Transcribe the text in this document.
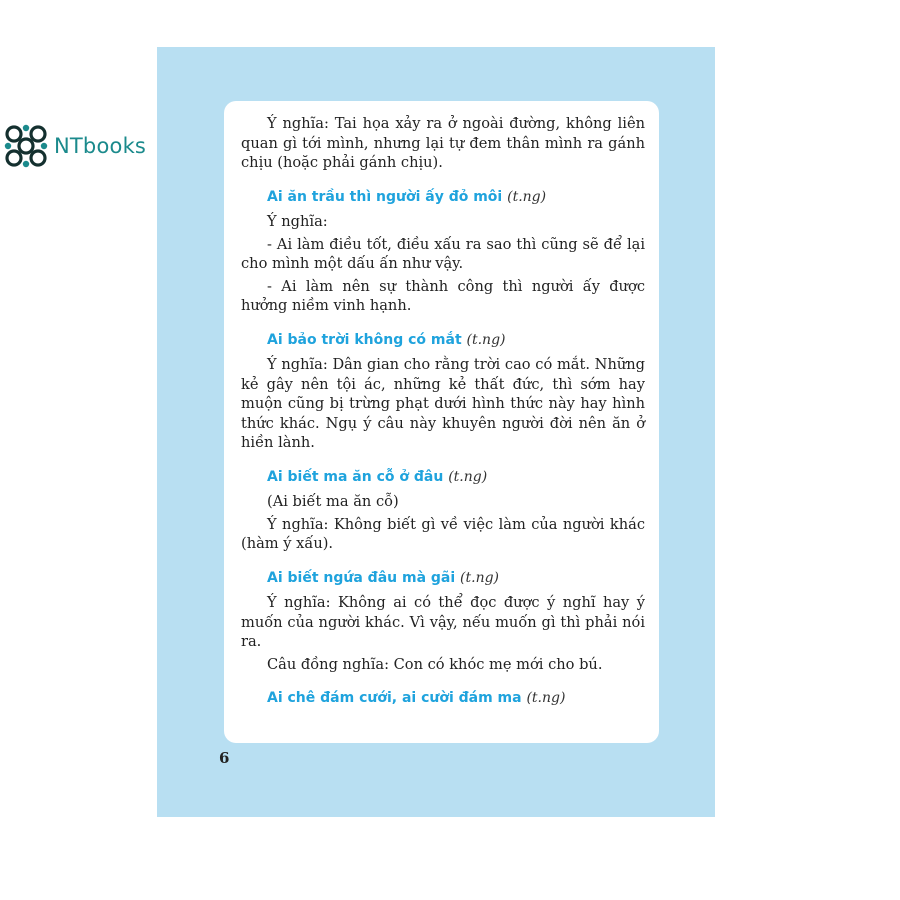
NTbooks

Ý nghĩa: Tai họa xảy ra ở ngoài đường, không liên quan gì tới mình, nhưng lại tự đem thân mình ra gánh chịu (hoặc phải gánh chịu).

Ai ăn trầu thì người ấy đỏ môi (t.ng)

Ý nghĩa:

- Ai làm điều tốt, điều xấu ra sao thì cũng sẽ để lại cho mình một dấu ấn như vậy.

- Ai làm nên sự thành công thì người ấy được hưởng niềm vinh hạnh.

Ai bảo trời không có mắt (t.ng)

Ý nghĩa: Dân gian cho rằng trời cao có mắt. Những kẻ gây nên tội ác, những kẻ thất đức, thì sớm hay muộn cũng bị trừng phạt dưới hình thức này hay hình thức khác. Ngụ ý câu này khuyên người đời nên ăn ở hiền lành.

Ai biết ma ăn cỗ ở đâu (t.ng)

(Ai biết ma ăn cỗ)

Ý nghĩa: Không biết gì về việc làm của người khác (hàm ý xấu).

Ai biết ngứa đâu mà gãi (t.ng)

Ý nghĩa: Không ai có thể đọc được ý nghĩ hay ý muốn của người khác. Vì vậy, nếu muốn gì thì phải nói ra.

Câu đồng nghĩa: Con có khóc mẹ mới cho bú.

Ai chê đám cưới, ai cười đám ma (t.ng)

6
